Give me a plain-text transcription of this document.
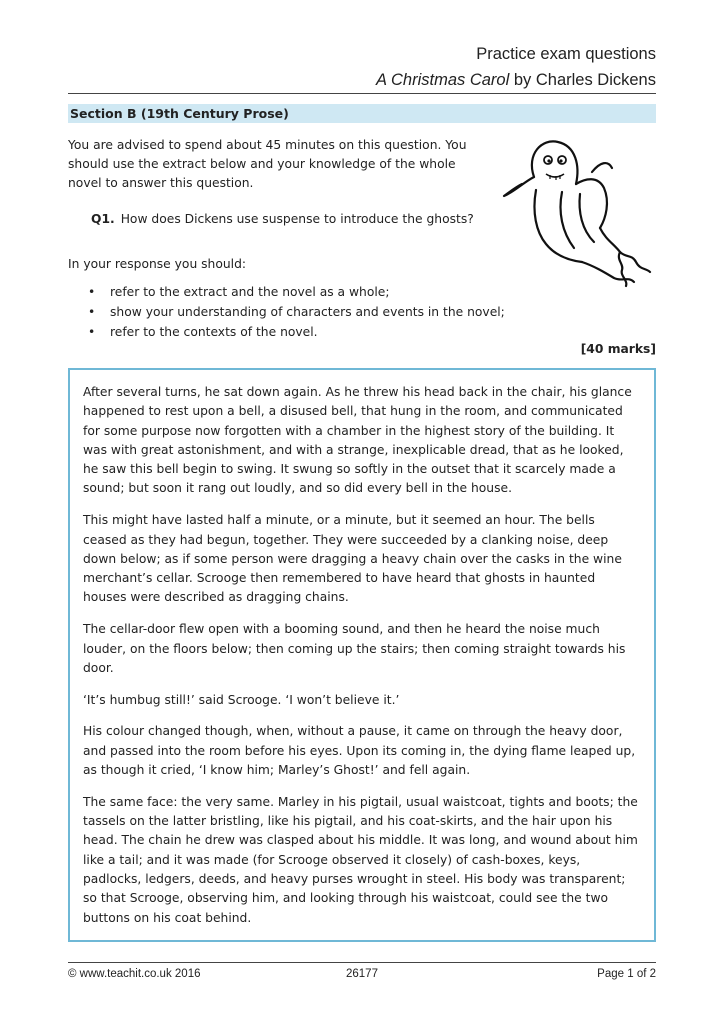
Practice exam questions
A Christmas Carol by Charles Dickens
Section B (19th Century Prose)
You are advised to spend about 45 minutes on this question. You should use the extract below and your knowledge of the whole novel to answer this question.
Q1. How does Dickens use suspense to introduce the ghosts?
In your response you should:
• refer to the extract and the novel as a whole;
• show your understanding of characters and events in the novel;
• refer to the contexts of the novel.
[40 marks]

After several turns, he sat down again. As he threw his head back in the chair, his glance happened to rest upon a bell, a disused bell, that hung in the room, and communicated for some purpose now forgotten with a chamber in the highest story of the building. It was with great astonishment, and with a strange, inexplicable dread, that as he looked, he saw this bell begin to swing. It swung so softly in the outset that it scarcely made a sound; but soon it rang out loudly, and so did every bell in the house.

This might have lasted half a minute, or a minute, but it seemed an hour. The bells ceased as they had begun, together. They were succeeded by a clanking noise, deep down below; as if some person were dragging a heavy chain over the casks in the wine merchant’s cellar. Scrooge then remembered to have heard that ghosts in haunted houses were described as dragging chains.

The cellar-door flew open with a booming sound, and then he heard the noise much louder, on the floors below; then coming up the stairs; then coming straight towards his door.

‘It’s humbug still!’ said Scrooge. ‘I won’t believe it.’

His colour changed though, when, without a pause, it came on through the heavy door, and passed into the room before his eyes. Upon its coming in, the dying flame leaped up, as though it cried, ‘I know him; Marley’s Ghost!’ and fell again.

The same face: the very same. Marley in his pigtail, usual waistcoat, tights and boots; the tassels on the latter bristling, like his pigtail, and his coat-skirts, and the hair upon his head. The chain he drew was clasped about his middle. It was long, and wound about him like a tail; and it was made (for Scrooge observed it closely) of cash-boxes, keys, padlocks, ledgers, deeds, and heavy purses wrought in steel. His body was transparent; so that Scrooge, observing him, and looking through his waistcoat, could see the two buttons on his coat behind.

© www.teachit.co.uk 2016	26177	Page 1 of 2
